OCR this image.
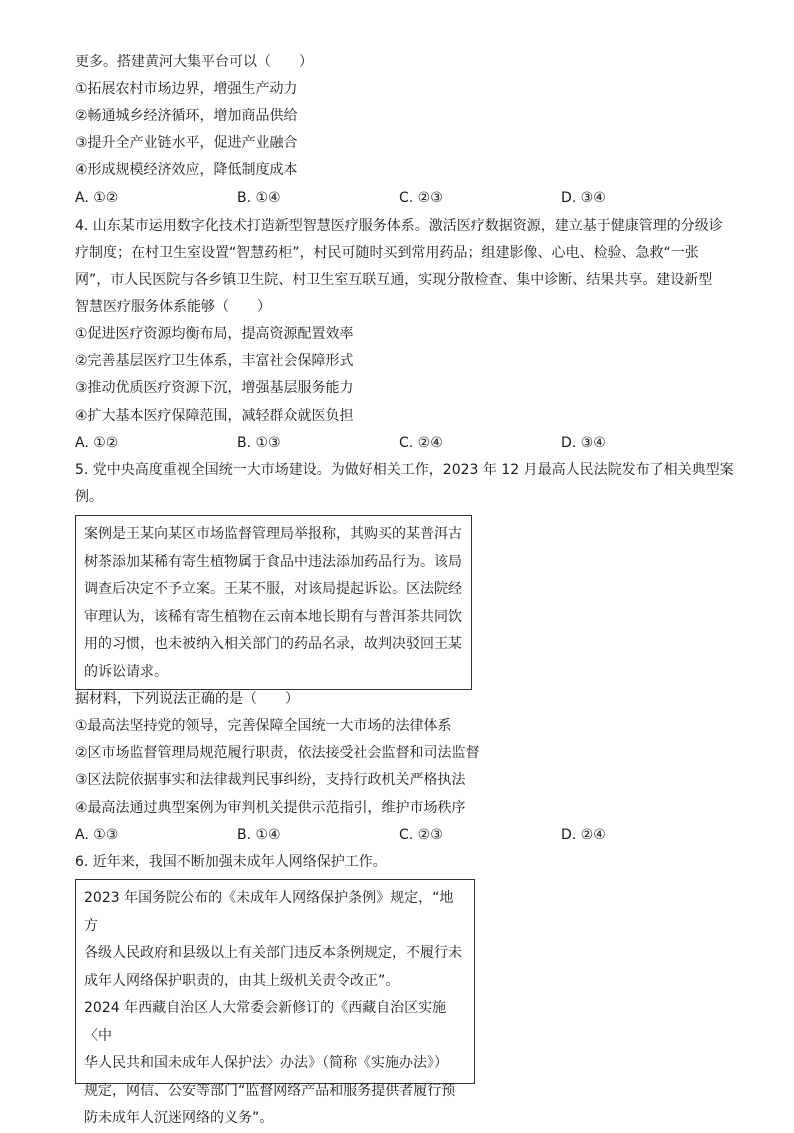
更多。搭建黄河大集平台可以（　　）
①拓展农村市场边界，增强生产动力
②畅通城乡经济循环，增加商品供给
③提升全产业链水平，促进产业融合
④形成规模经济效应，降低制度成本
A. ①②	B. ①④	C. ②③	D. ③④
4. 山东某市运用数字化技术打造新型智慧医疗服务体系。激活医疗数据资源，建立基于健康管理的分级诊
疗制度；在村卫生室设置“智慧药柜”，村民可随时买到常用药品；组建影像、心电、检验、急救“一张
网”，市人民医院与各乡镇卫生院、村卫生室互联互通，实现分散检查、集中诊断、结果共享。建设新型
智慧医疗服务体系能够（　　）
①促进医疗资源均衡布局，提高资源配置效率
②完善基层医疗卫生体系，丰富社会保障形式
③推动优质医疗资源下沉，增强基层服务能力
④扩大基本医疗保障范围，减轻群众就医负担
A. ①②	B. ①③	C. ②④	D. ③④
5. 党中央高度重视全国统一大市场建设。为做好相关工作，2023 年 12 月最高人民法院发布了相关典型案
例。

案例是王某向某区市场监督管理局举报称，其购买的某普洱古

树茶添加某稀有寄生植物属于食品中违法添加药品行为。该局

调查后决定不予立案。王某不服，对该局提起诉讼。区法院经

审理认为，该稀有寄生植物在云南本地长期有与普洱茶共同饮

用的习惯，也未被纳入相关部门的药品名录，故判决驳回王某

的诉讼请求。

据材料，下列说法正确的是（　　）
①最高法坚持党的领导，完善保障全国统一大市场的法律体系
②区市场监督管理局规范履行职责，依法接受社会监督和司法监督
③区法院依据事实和法律裁判民事纠纷，支持行政机关严格执法
④最高法通过典型案例为审判机关提供示范指引，维护市场秩序
A. ①③	B. ①④	C. ②③	D. ②④
6. 近年来，我国不断加强未成年人网络保护工作。

2023 年国务院公布的《未成年人网络保护条例》规定，“地方

各级人民政府和县级以上有关部门违反本条例规定，不履行未

成年人网络保护职责的，由其上级机关责令改正”。

2024 年西藏自治区人大常委会新修订的《西藏自治区实施〈中

华人民共和国未成年人保护法〉办法》（简称《实施办法》）

规定，网信、公安等部门“监督网络产品和服务提供者履行预

防未成年人沉迷网络的义务”。
